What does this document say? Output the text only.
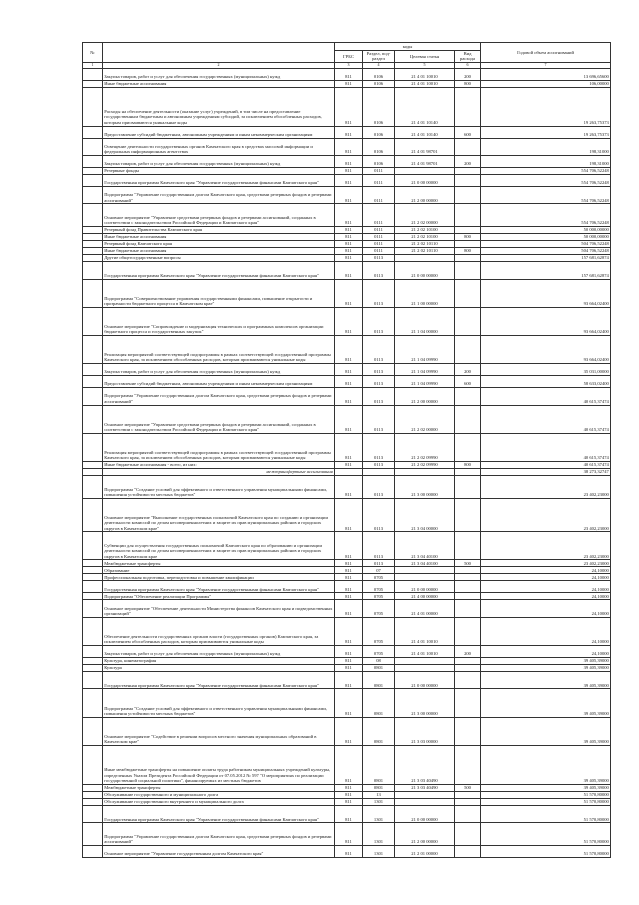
№		коды				Годовой объем ассигнований
		ГРБС	Раздел, под-раздел	Целевая статья	Вид расхода	
1	2	3	4	5	6	7
	Закупка товаров, работ и услуг для обеспечения государственных (муниципальных) нужд	811	0106	21 4 01 10010	200	13 696,65600
	Иные бюджетные ассигнования	811	0106	21 4 01 10010	800	106,00000
	Расходы на обеспечение деятельности (оказание услуг) учреждений, в том числе на предоставление государственным бюджетным и автономным учреждениям субсидий, за исключением обособленных расходов, которым присваиваются уникальные коды	811	0106	21 4 01 10140		19 263,75373
	Предоставление субсидий бюджетным, автономным учреждениям и иным некоммерческим организациям	811	0106	21 4 01 10140	600	19 263,75373
	Освещение деятельности государственных органов Камчатского края в средствах массовой информации и федеральных информационных агентствах	811	0106	21 4 01 98701		198,31000
	Закупка товаров, работ и услуг для обеспечения государственных (муниципальных) нужд	811	0106	21 4 01 98701	200	198,31000
	Резервные фонды	811	0111			554 706,52248
	Государственная программа Камчатского края "Управление государственными финансами Камчатского края"	811	0111	21 0 00 00000		554 706,52248
	Подпрограмма "Управление государственным долгом Камчатского края, средствами резервных фондов и резервами ассигнований"	811	0111	21 2 00 00000		554 706,52248
	Основное мероприятие "Управление средствами резервных фондов и резервами ассигнований, созданных в соответствии с законодательством Российской Федерации и Камчатского края"	811	0111	21 2 02 00000		554 706,52248
	Резервный фонд Правительства Камчатского края	811	0111	21 2 02 10100		50 000,00000
	Иные бюджетные ассигнования	811	0111	21 2 02 10100	800	50 000,00000
	Резервный фонд Камчатского края	811	0111	21 2 02 10110		504 706,52248
	Иные бюджетные ассигнования	811	0111	21 2 02 10110	800	504 706,52248
	Другие общегосударственные вопросы	811	0113			157 681,62874
	Государственная программа Камчатского края "Управление государственными финансами Камчатского края"	811	0113	21 0 00 00000		157 681,62874
	Подпрограмма "Совершенствование управления государственными финансами, повышение открытости и прозрачности бюджетного процесса в Камчатском крае"	811	0113	21 1 00 00000		93 664,02400
	Основное мероприятие "Сопровождение и модернизация технических и программных комплексов организации бюджетного процесса и государственных закупок"	811	0113	21 1 04 00000		93 664,02400
	Реализация мероприятий соответствующей подпрограммы в рамках соответствующей государственной программы Камчатского края, за исключением обособленных расходов, которым присваиваются уникальные коды	811	0113	21 1 04 09990		93 664,02400
	Закупка товаров, работ и услуг для обеспечения государственных (муниципальных) нужд	811	0113	21 1 04 09990	200	35 031,00000
	Предоставление субсидий бюджетным, автономным учреждениям и иным некоммерческим организациям	811	0113	21 1 04 09990	600	58 633,02400
	Подпрограмма "Управление государственным долгом Камчатского края, средствами резервных фондов и резервами ассигнований"	811	0113	21 2 00 00000		40 615,37474
	Основное мероприятие "Управление средствами резервных фондов и резервами ассигнований, созданных в соответствии с законодательством Российской Федерации и Камчатского края"	811	0113	21 2 02 00000		40 615,37474
	Реализация мероприятий соответствующей подпрограммы в рамках соответствующей государственной программы Камчатского края, за исключением обособленных расходов, которым присваиваются уникальные коды	811	0113	21 2 02 09990		40 615,37474
	Иные бюджетные ассигнования - всего, из них:	811	0113	21 2 02 09990	800	40 615,37474

	межтрансфертные ассигнования					38 273,32747
	Подпрограмма "Создание условий для эффективного и ответственного управления муниципальными финансами, повышения устойчивости местных бюджетов"	811	0113	21 3 00 00000		23 402,23000
	Основное мероприятие "Выполнение государственных полномочий Камчатского края по созданию и организации деятельности комиссий по делам несовершеннолетних и защите их прав муниципальных районов и городских округов в Камчатском крае"	811	0113	21 3 04 00000		23 402,23000
	Субвенции для осуществления государственных полномочий Камчатского края по образованию и организации деятельности комиссий по делам несовершеннолетних и защите их прав муниципальных районов и городских округов в Камчатском крае	811	0113	21 3 04 40100		23 402,23000
	Межбюджетные трансферты	811	0113	21 3 04 40100	500	23 402,23000
	Образование	811	07			24,10000
	Профессиональная подготовка, переподготовка и повышение квалификации	811	0705			24,10000
	Государственная программа Камчатского края "Управление государственными финансами Камчатского края"	811	0705	21 0 00 00000		24,10000
	Подпрограмма "Обеспечение реализации Программы"	811	0705	21 4 00 00000		24,10000
	Основное мероприятие "Обеспечение деятельности Министерства финансов Камчатского края и подведомственных организаций"	811	0705	21 4 01 00000		24,10000
	Обеспечение деятельности государственных органов власти (государственных органов) Камчатского края, за исключением обособленных расходов, которым присваиваются уникальные коды	811	0705	21 4 01 10010		24,10000
	Закупка товаров, работ и услуг для обеспечения государственных (муниципальных) нужд	811	0705	21 4 01 10010	200	24,10000
	Культура, кинематография	811	08			39 405,39000
	Культура	811	0801			39 405,39000
	Государственная программа Камчатского края "Управление государственными финансами Камчатского края"	811	0801	21 0 00 00000		39 405,39000
	Подпрограмма "Создание условий для эффективного и ответственного управления муниципальными финансами, повышения устойчивости местных бюджетов"	811	0801	21 3 00 00000		39 405,39000
	Основное мероприятие "Содействие в решении вопросов местного значения муниципальных образований в Камчатском крае"	811	0801	21 3 03 00000		39 405,39000
	Иные межбюджетные трансферты на повышение оплаты труда работникам муниципальных учреждений культуры, определенных Указом Президента Российской Федерации от 07.05.2012 № 597 "О мероприятиях по реализации государственной социальной политики", финансируемых из местных бюджетов	811	0801	21 3 03 40490		39 405,39000
	Межбюджетные трансферты	811	0801	21 3 03 40490	500	39 405,39000
	Обслуживание государственного и муниципального долга	811	13			51 570,80000
	Обслуживание государственного внутреннего и муниципального долга	811	1301			51 570,80000
	Государственная программа Камчатского края "Управление государственными финансами Камчатского края"	811	1301	21 0 00 00000		51 570,80000
	Подпрограмма "Управление государственным долгом Камчатского края, средствами резервных фондов и резервами ассигнований"	811	1301	21 2 00 00000		51 570,80000
	Основное мероприятие "Управление государственным долгом Камчатского края"	811	1301	21 2 01 00000		51 570,80000
